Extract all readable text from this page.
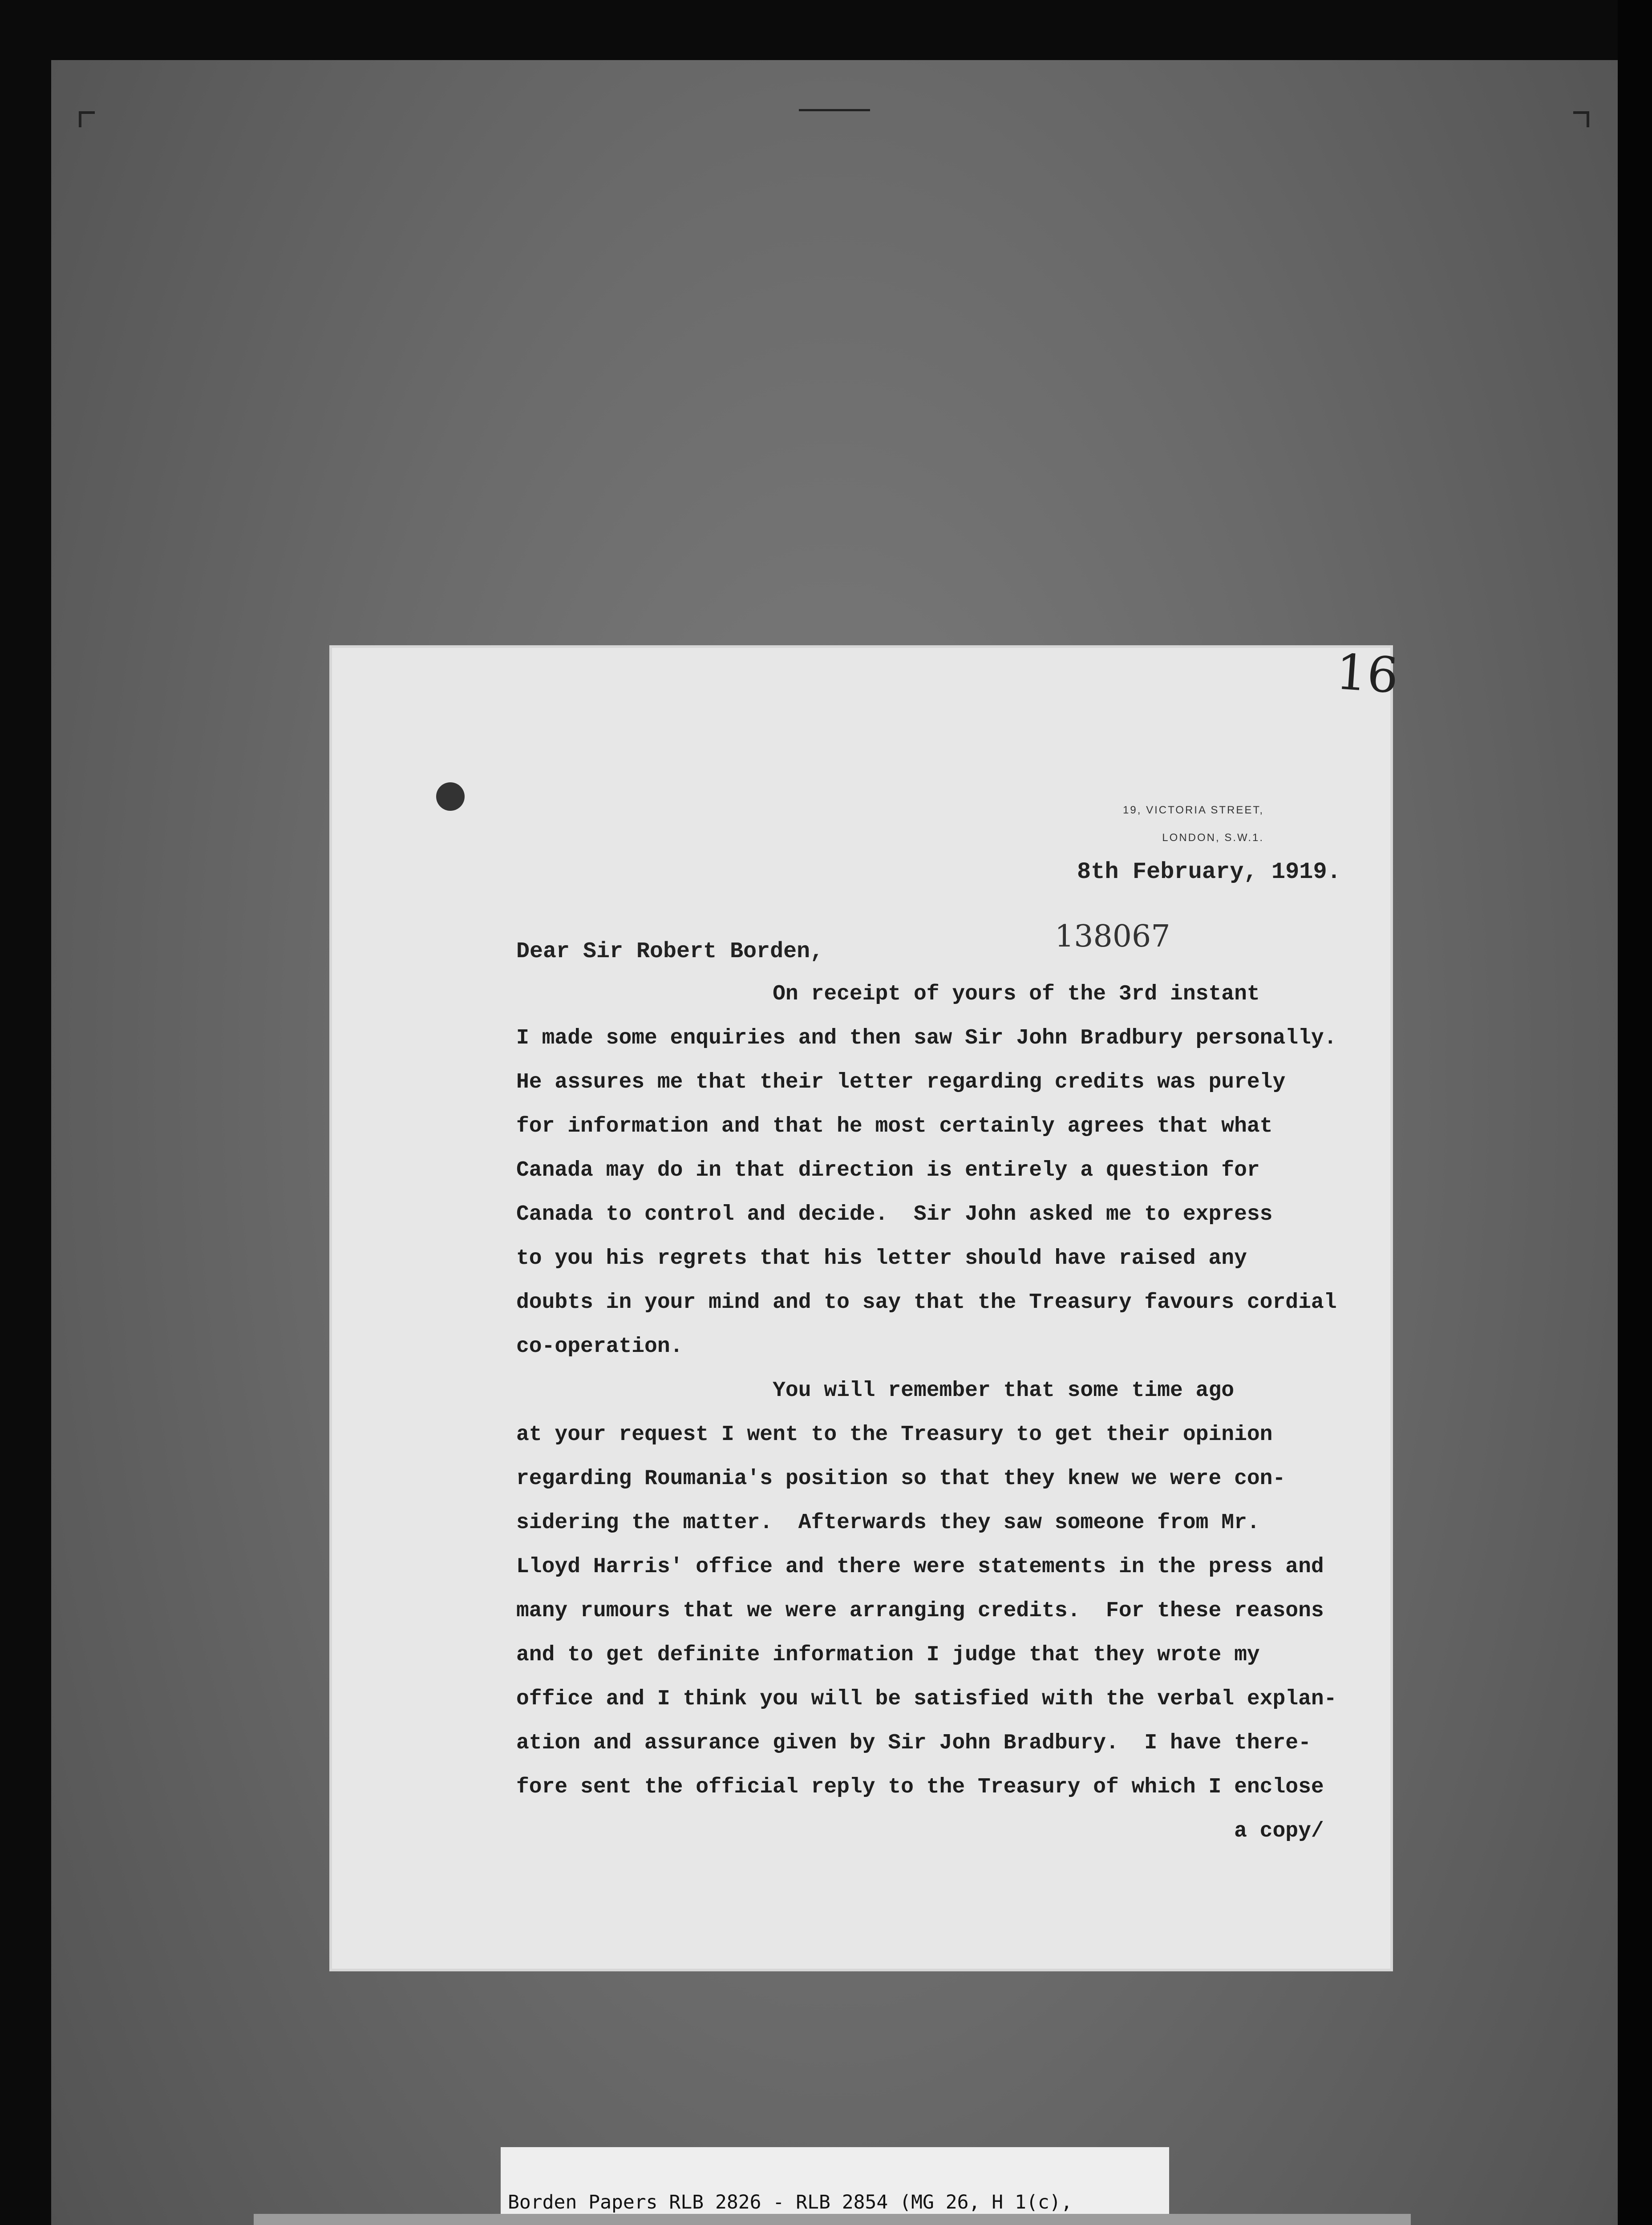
16
19, VICTORIA STREET,
LONDON, S.W.1.
8th February, 1919.
138067
Dear Sir Robert Borden,
On receipt of yours of the 3rd instant
I made some enquiries and then saw Sir John Bradbury personally.
He assures me that their letter regarding credits was purely
for information and that he most certainly agrees that what
Canada may do in that direction is entirely a question for
Canada to control and decide.  Sir John asked me to express
to you his regrets that his letter should have raised any
doubts in your mind and to say that the Treasury favours cordial
co-operation.
You will remember that some time ago
at your request I went to the Treasury to get their opinion
regarding Roumania's position so that they knew we were con-
sidering the matter.  Afterwards they saw someone from Mr.
Lloyd Harris' office and there were statements in the press and
many rumours that we were arranging credits.  For these reasons
and to get definite information I judge that they wrote my
office and I think you will be satisfied with the verbal explan-
ation and assurance given by Sir John Bradbury.  I have there-
fore sent the official reply to the Treasury of which I enclose
a copy/

Borden Papers RLB 2826 - RLB 2854 (MG 26, H 1(c),
